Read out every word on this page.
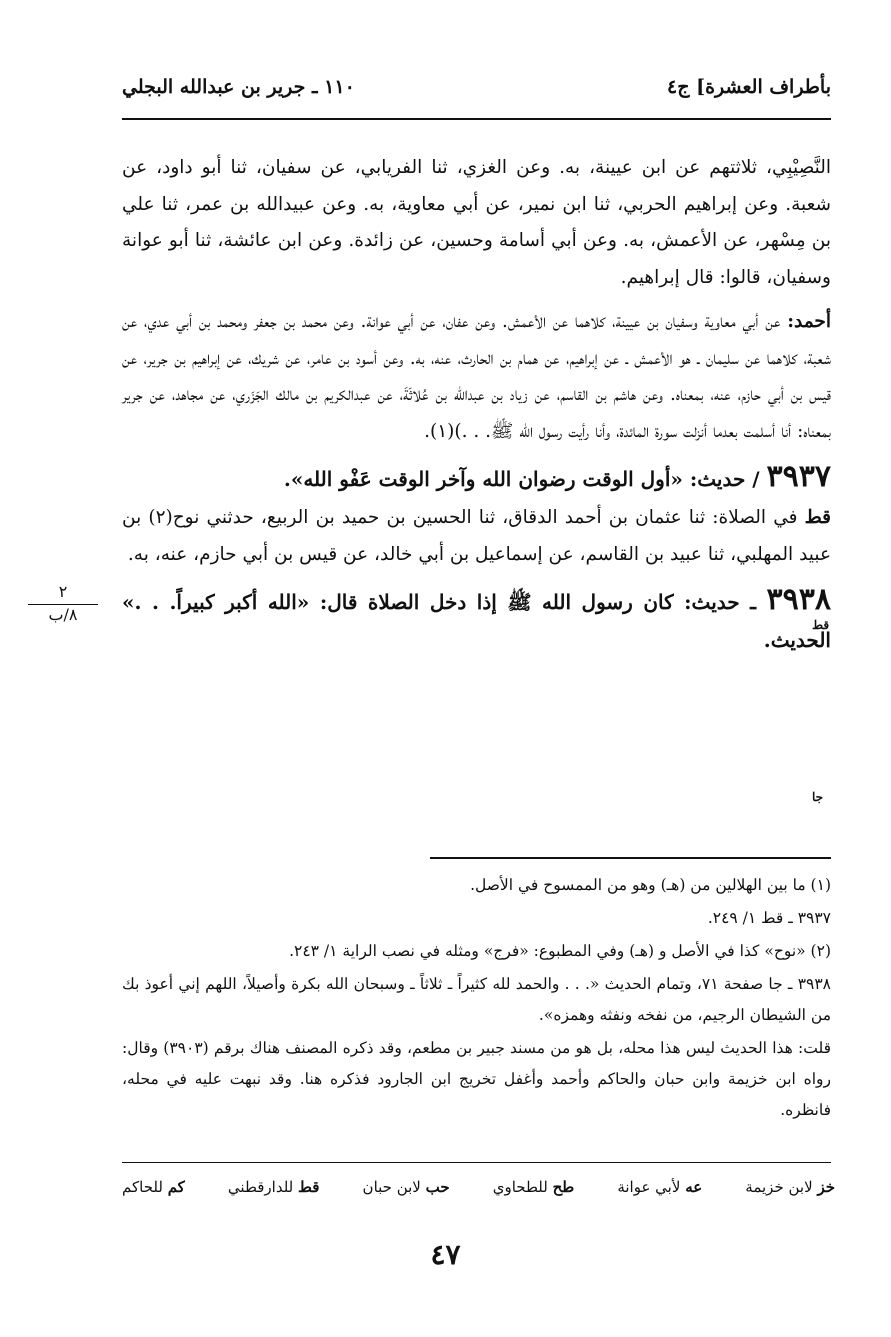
بأطراف العشرة] ج٤
١١٠ ـ جرير بن عبدالله البجلي

النَّصِيْبِي، ثلاثتهم عن ابن عيينة، به. وعن الغزي، ثنا الفريابي، عن سفيان، ثنا أبو داود، عن شعبة. وعن إبراهيم الحربي، ثنا ابن نمير، عن أبي معاوية، به. وعن عبيدالله بن عمر، ثنا علي بن مِسْهر، عن الأعمش، به. وعن أبي أسامة وحسين، عن زائدة. وعن ابن عائشة، ثنا أبو عوانة وسفيان، قالوا: قال إبراهيم.

أحمد: عن أبي معاوية وسفيان بن عيينة، كلاهما عن الأعمش. وعن عفان، عن أبي عوانة. وعن محمد بن جعفر ومحمد بن أبي عدي، عن شعبة، كلاهما عن سليمان ـ هو الأعمش ـ عن إبراهيم، عن همام بن الحارث، عنه، به. وعن أسود بن عامر، عن شريك، عن إبراهيم بن جرير، عن قيس بن أبي حازم، عنه، بمعناه. وعن هاشم بن القاسم، عن زياد بن عبدالله بن عُلاثَةَ، عن عبدالكريم بن مالك الجَزَري، عن مجاهد، عن جرير بمعناه: أنا أسلمت بعدما أنزلت سورة المائدة، وأنا رأيت رسول الله ﷺ. . .)(١).

٣٩٣٧ / حديث: «أول الوقت رضوان الله وآخر الوقت عَفْو الله».

قط في الصلاة: ثنا عثمان بن أحمد الدقاق، ثنا الحسين بن حميد بن الربيع، حدثني نوح(٢) بن عبيد المهلبي، ثنا عبيد بن القاسم، عن إسماعيل بن أبي خالد، عن قيس بن أبي حازم، عنه، به.

٣٩٣٨ ـ حديث: كان رسول الله ﷺ إذا دخل الصلاة قال: «الله أكبر كبيراً. . .» الحديث.

قط
جا
٢
٨/ب

(١) ما بين الهلالين من (هـ) وهو من الممسوح في الأصل.

٣٩٣٧ ـ قط ١/ ٢٤٩.

(٢) «نوح» كذا في الأصل و (هـ) وفي المطبوع: «فرج» ومثله في نصب الراية ١/ ٢٤٣.

٣٩٣٨ ـ جا صفحة ٧١، وتمام الحديث «. . . والحمد لله كثيراً ـ ثلاثاً ـ وسبحان الله بكرة وأصيلاً، اللهم إني أعوذ بك من الشيطان الرجيم، من نفخه ونفثه وهمزه».

قلت: هذا الحديث ليس هذا محله، بل هو من مسند جبير بن مطعم، وقد ذكره المصنف هناك برقم (٣٩٠٣) وقال: رواه ابن خزيمة وابن حبان والحاكم وأحمد وأغفل تخريج ابن الجارود فذكره هنا. وقد نبهت عليه في محله، فانظره.

خز لابن خزيمة
عه لأبي عوانة
طح للطحاوي
حب لابن حبان
قط للدارقطني
كم للحاكم
٤٧
